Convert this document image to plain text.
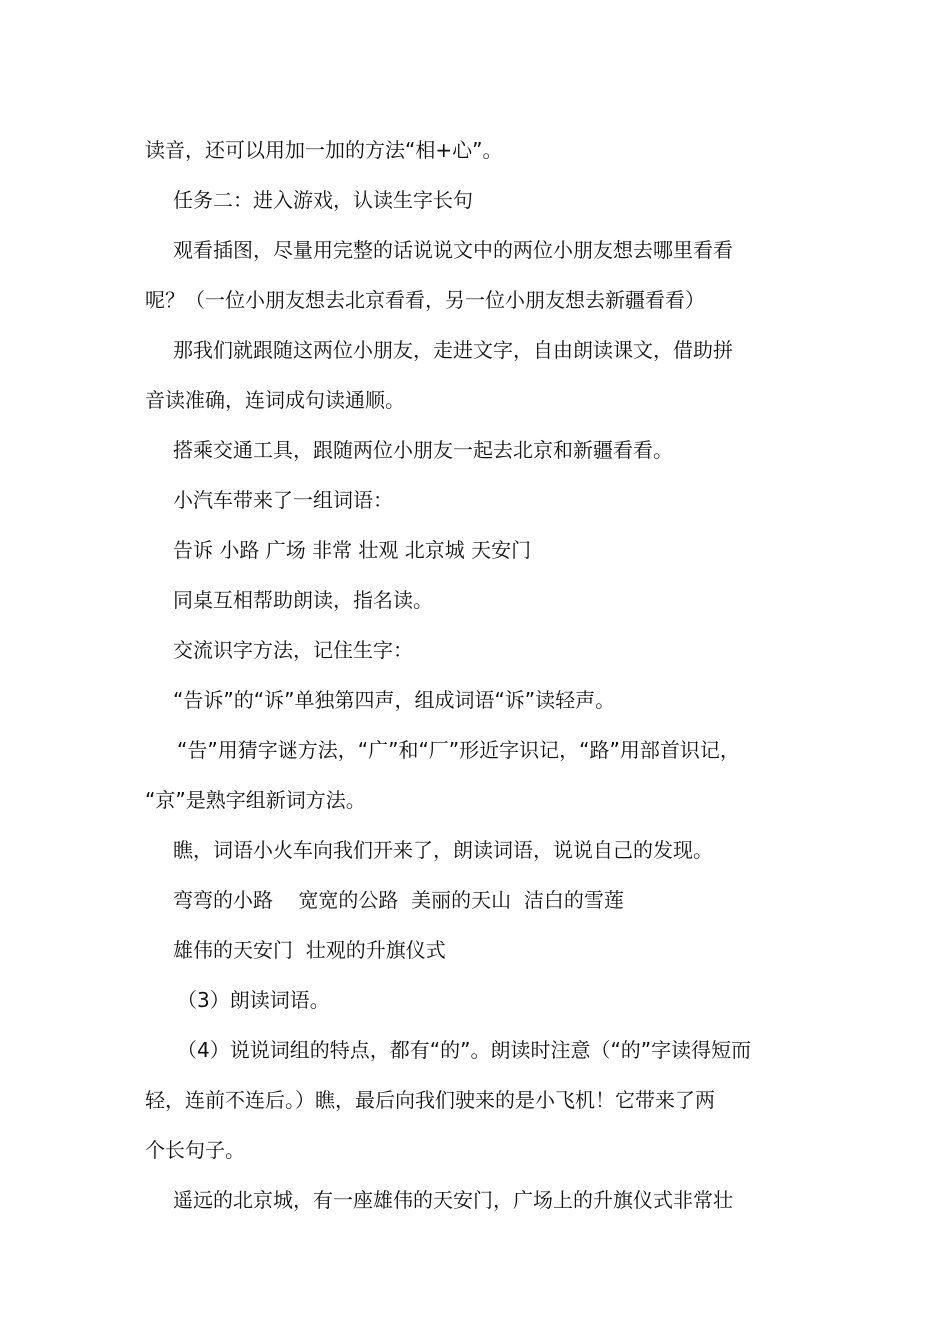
读音，还可以用加一加的方法“相+心”。

任务二：进入游戏，认读生字长句

观看插图，尽量用完整的话说说文中的两位小朋友想去哪里看看

呢？（一位小朋友想去北京看看，另一位小朋友想去新疆看看）

那我们就跟随这两位小朋友，走进文字，自由朗读课文，借助拼

音读准确，连词成句读通顺。

搭乘交通工具，跟随两位小朋友一起去北京和新疆看看。

小汽车带来了一组词语：

告诉 小路 广场 非常 壮观 北京城 天安门

同桌互相帮助朗读，指名读。

交流识字方法，记住生字：

“告诉”的“诉”单独第四声，组成词语“诉”读轻声。

“告”用猜字谜方法，“广”和“厂”形近字识记，“路”用部首识记，

“京”是熟字组新词方法。

瞧，词语小火车向我们开来了，朗读词语，说说自己的发现。

弯弯的小路    宽宽的公路  美丽的天山  洁白的雪莲

雄伟的天安门  壮观的升旗仪式

（3）朗读词语。

（4）说说词组的特点，都有“的”。朗读时注意（“的”字读得短而

轻，连前不连后。）瞧，最后向我们驶来的是小飞机！它带来了两

个长句子。

遥远的北京城，有一座雄伟的天安门，广场上的升旗仪式非常壮
